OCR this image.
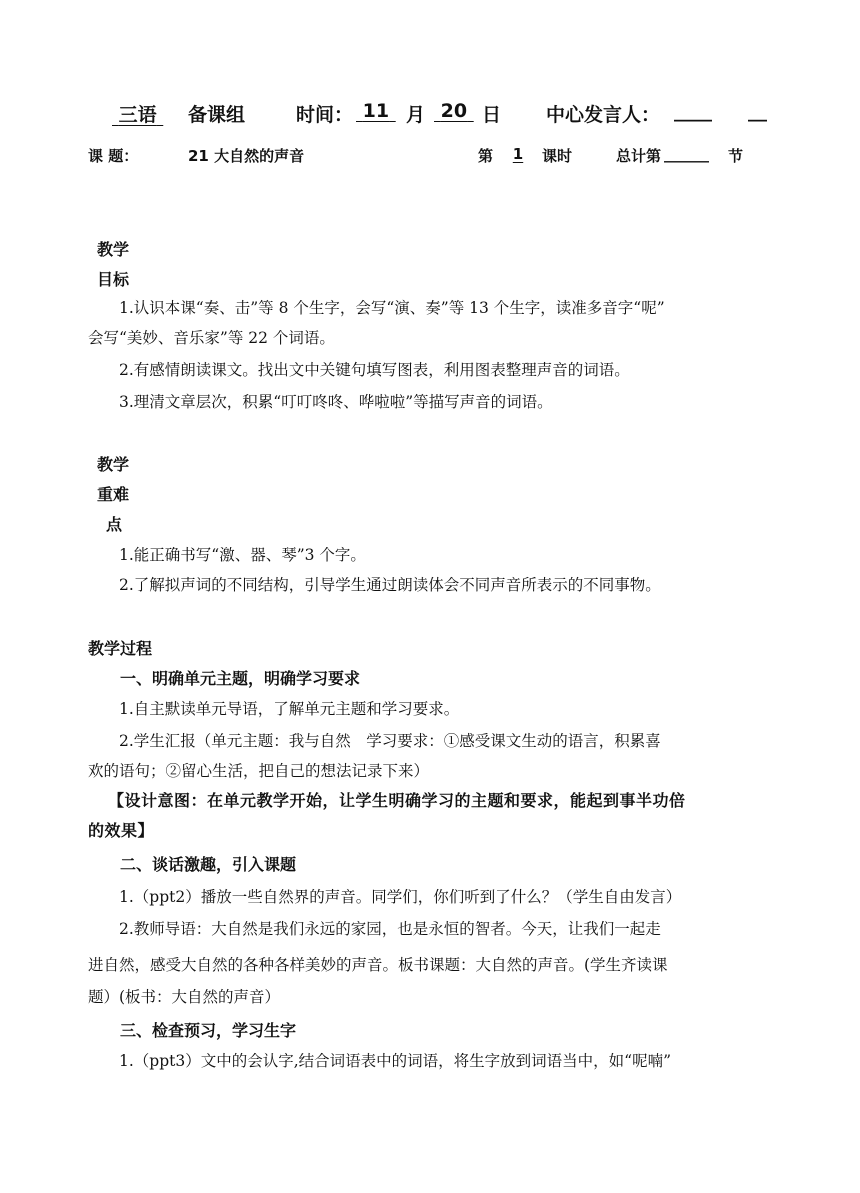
三语	备课组	时间： 11 月 20 日 中心发言人： ____ __
课 题：	21 大自然的声音	第	1	课时	总计第 ______ 节
教学
目标
1.认识本课“奏、击”等 8 个生字，会写“演、奏”等 13 个生字，读准多音字“呢”
会写“美妙、音乐家”等 22 个词语。
2.有感情朗读课文。找出文中关键句填写图表，利用图表整理声音的词语。
3.理清文章层次，积累“叮叮咚咚、哗啦啦”等描写声音的词语。
教学
重难
点
1.能正确书写“激、器、琴”3 个字。
2.了解拟声词的不同结构，引导学生通过朗读体会不同声音所表示的不同事物。
教学过程
一、明确单元主题，明确学习要求
1.自主默读单元导语，了解单元主题和学习要求。
2.学生汇报（单元主题：我与自然　学习要求：①感受课文生动的语言，积累喜
欢的语句；②留心生活，把自己的想法记录下来）
【设计意图：在单元教学开始，让学生明确学习的主题和要求，能起到事半功倍
的效果】
二、谈话激趣，引入课题
1.（ppt2）播放一些自然界的声音。同学们，你们听到了什么？（学生自由发言）
2.教师导语：大自然是我们永远的家园，也是永恒的智者。今天，让我们一起走
进自然，感受大自然的各种各样美妙的声音。板书课题：大自然的声音。(学生齐读课
题）(板书：大自然的声音）
三、检查预习，学习生字
1.（ppt3）文中的会认字,结合词语表中的词语，将生字放到词语当中，如“呢喃”
